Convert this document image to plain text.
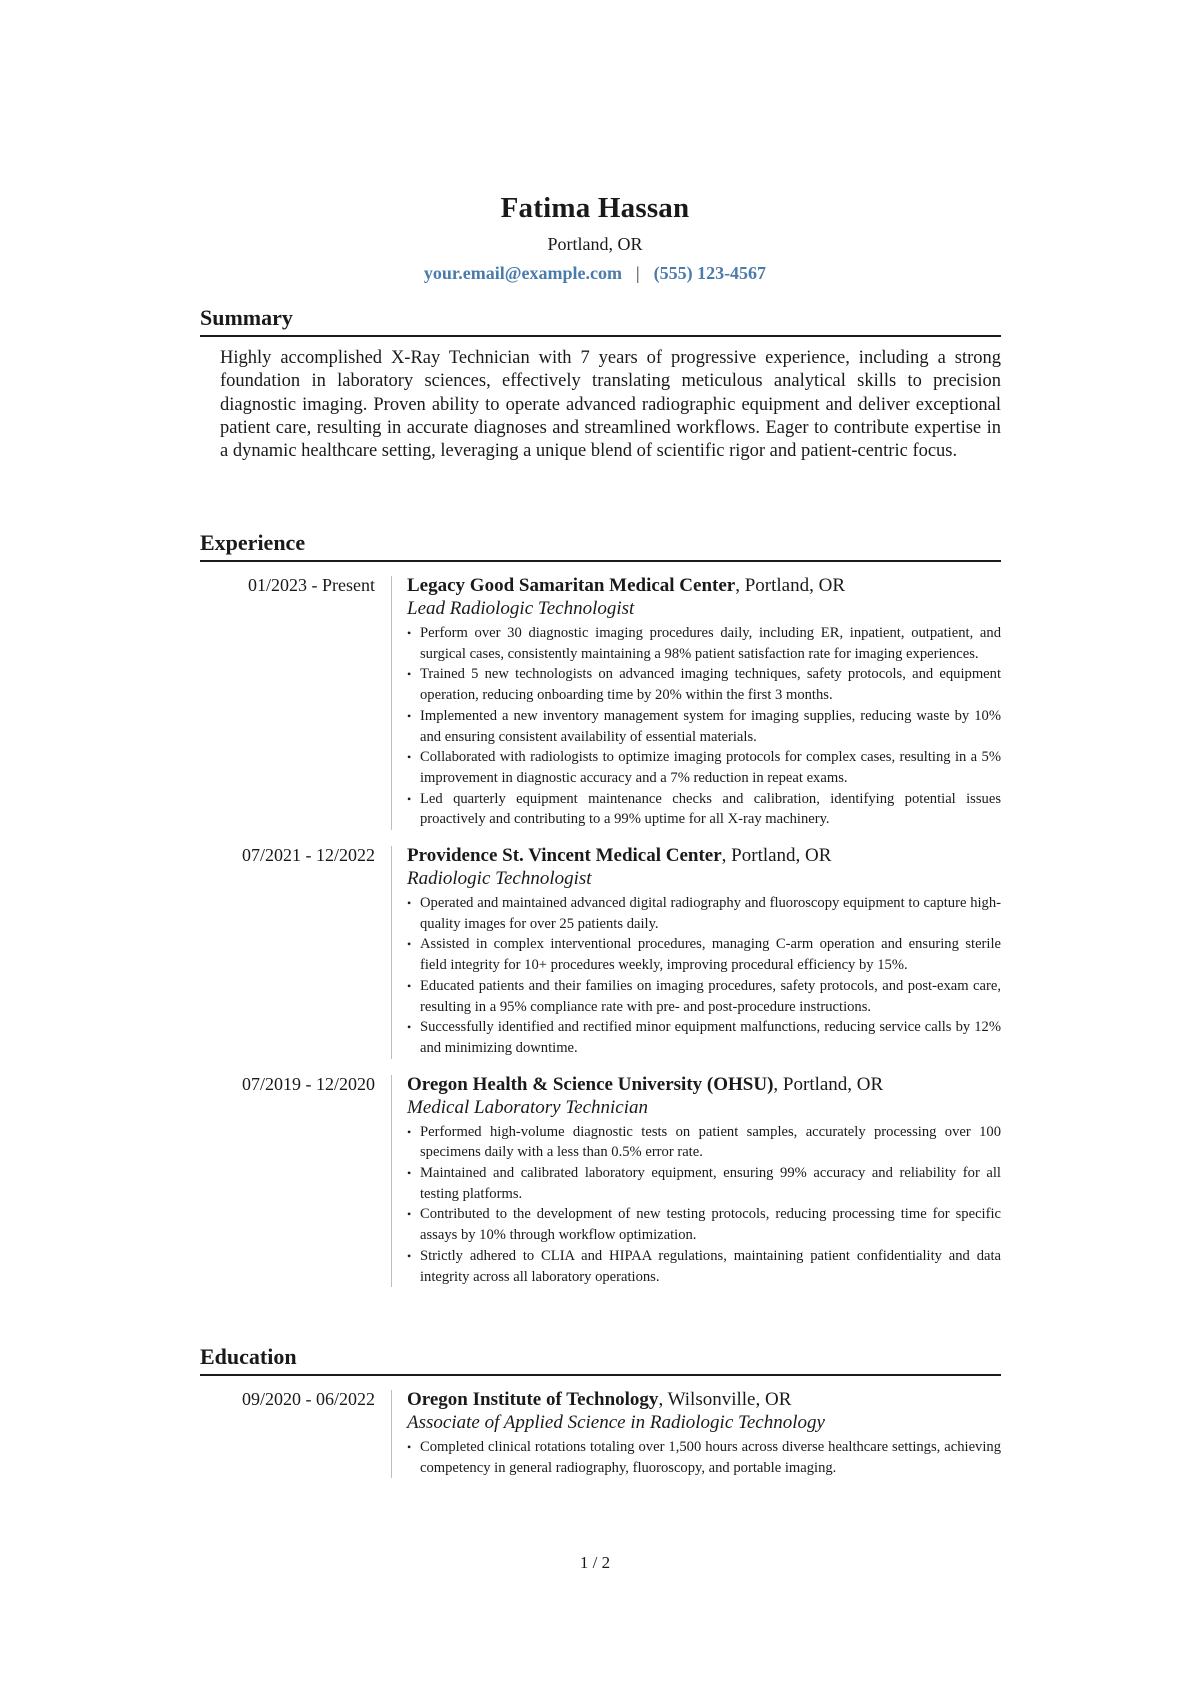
Fatima Hassan
Portland, OR
your.email@example.com | (555) 123-4567
Summary
Highly accomplished X-Ray Technician with 7 years of progressive experience, including a strong foundation in laboratory sciences, effectively translating meticulous analytical skills to precision diagnostic imaging. Proven ability to operate advanced radiographic equipment and deliver exceptional patient care, resulting in accurate diagnoses and streamlined workflows. Eager to contribute expertise in a dynamic healthcare setting, leveraging a unique blend of scientific rigor and patient-centric focus.
Experience
01/2023 - Present Legacy Good Samaritan Medical Center, Portland, OR
Lead Radiologic Technologist
• Perform over 30 diagnostic imaging procedures daily, including ER, inpatient, outpatient, and surgical cases, consistently maintaining a 98% patient satisfaction rate for imaging experiences.
• Trained 5 new technologists on advanced imaging techniques, safety protocols, and equipment operation, reducing onboarding time by 20% within the first 3 months.
• Implemented a new inventory management system for imaging supplies, reducing waste by 10% and ensuring consistent availability of essential materials.
• Collaborated with radiologists to optimize imaging protocols for complex cases, resulting in a 5% improvement in diagnostic accuracy and a 7% reduction in repeat exams.
• Led quarterly equipment maintenance checks and calibration, identifying potential issues proactively and contributing to a 99% uptime for all X-ray machinery.
07/2021 - 12/2022 Providence St. Vincent Medical Center, Portland, OR
Radiologic Technologist
• Operated and maintained advanced digital radiography and fluoroscopy equipment to capture high-quality images for over 25 patients daily.
• Assisted in complex interventional procedures, managing C-arm operation and ensuring sterile field integrity for 10+ procedures weekly, improving procedural efficiency by 15%.
• Educated patients and their families on imaging procedures, safety protocols, and post-exam care, resulting in a 95% compliance rate with pre- and post-procedure instructions.
• Successfully identified and rectified minor equipment malfunctions, reducing service calls by 12% and minimizing downtime.
07/2019 - 12/2020 Oregon Health & Science University (OHSU), Portland, OR
Medical Laboratory Technician
• Performed high-volume diagnostic tests on patient samples, accurately processing over 100 specimens daily with a less than 0.5% error rate.
• Maintained and calibrated laboratory equipment, ensuring 99% accuracy and reliability for all testing platforms.
• Contributed to the development of new testing protocols, reducing processing time for specific assays by 10% through workflow optimization.
• Strictly adhered to CLIA and HIPAA regulations, maintaining patient confidentiality and data integrity across all laboratory operations.
Education
09/2020 - 06/2022 Oregon Institute of Technology, Wilsonville, OR
Associate of Applied Science in Radiologic Technology
• Completed clinical rotations totaling over 1,500 hours across diverse healthcare settings, achieving competency in general radiography, fluoroscopy, and portable imaging.
1 / 2
